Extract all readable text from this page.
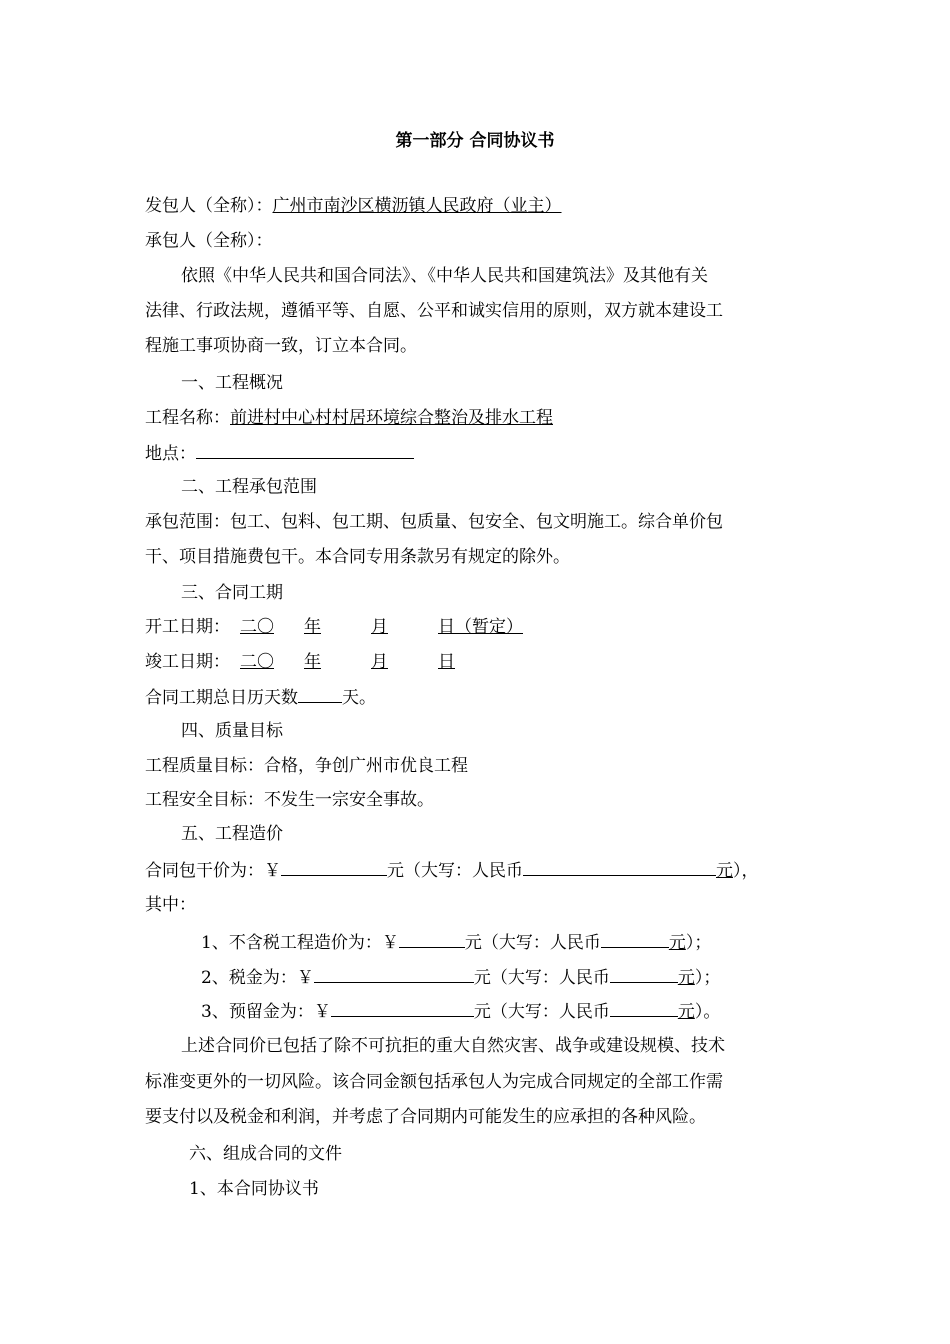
第一部分 合同协议书
发包人（全称）：广州市南沙区横沥镇人民政府（业主）
承包人（全称）：
依照《中华人民共和国合同法》、《中华人民共和国建筑法》及其他有关
法律、行政法规，遵循平等、自愿、公平和诚实信用的原则，双方就本建设工
程施工事项协商一致，订立本合同。
一、工程概况
工程名称：前进村中心村村居环境综合整治及排水工程
地点：
二、工程承包范围
承包范围：包工、包料、包工期、包质量、包安全、包文明施工。综合单价包
干、项目措施费包干。本合同专用条款另有规定的除外。
三、合同工期
开工日期： 二〇 年	月	日（暂定）
竣工日期： 二〇 年	月	日
合同工期总日历天数	天。
四、质量目标
工程质量目标：合格，争创广州市优良工程
工程安全目标：不发生一宗安全事故。
五、工程造价
合同包干价为：￥	元（大写：人民币	元），
其中：
1、不含税工程造价为：￥	元（大写：人民币	元）；
2、税金为：￥	元（大写：人民币	元）；
3、预留金为：￥	元（大写：人民币	元）。
上述合同价已包括了除不可抗拒的重大自然灾害、战争或建设规模、技术
标准变更外的一切风险。该合同金额包括承包人为完成合同规定的全部工作需
要支付以及税金和利润，并考虑了合同期内可能发生的应承担的各种风险。
六、组成合同的文件
1、本合同协议书
